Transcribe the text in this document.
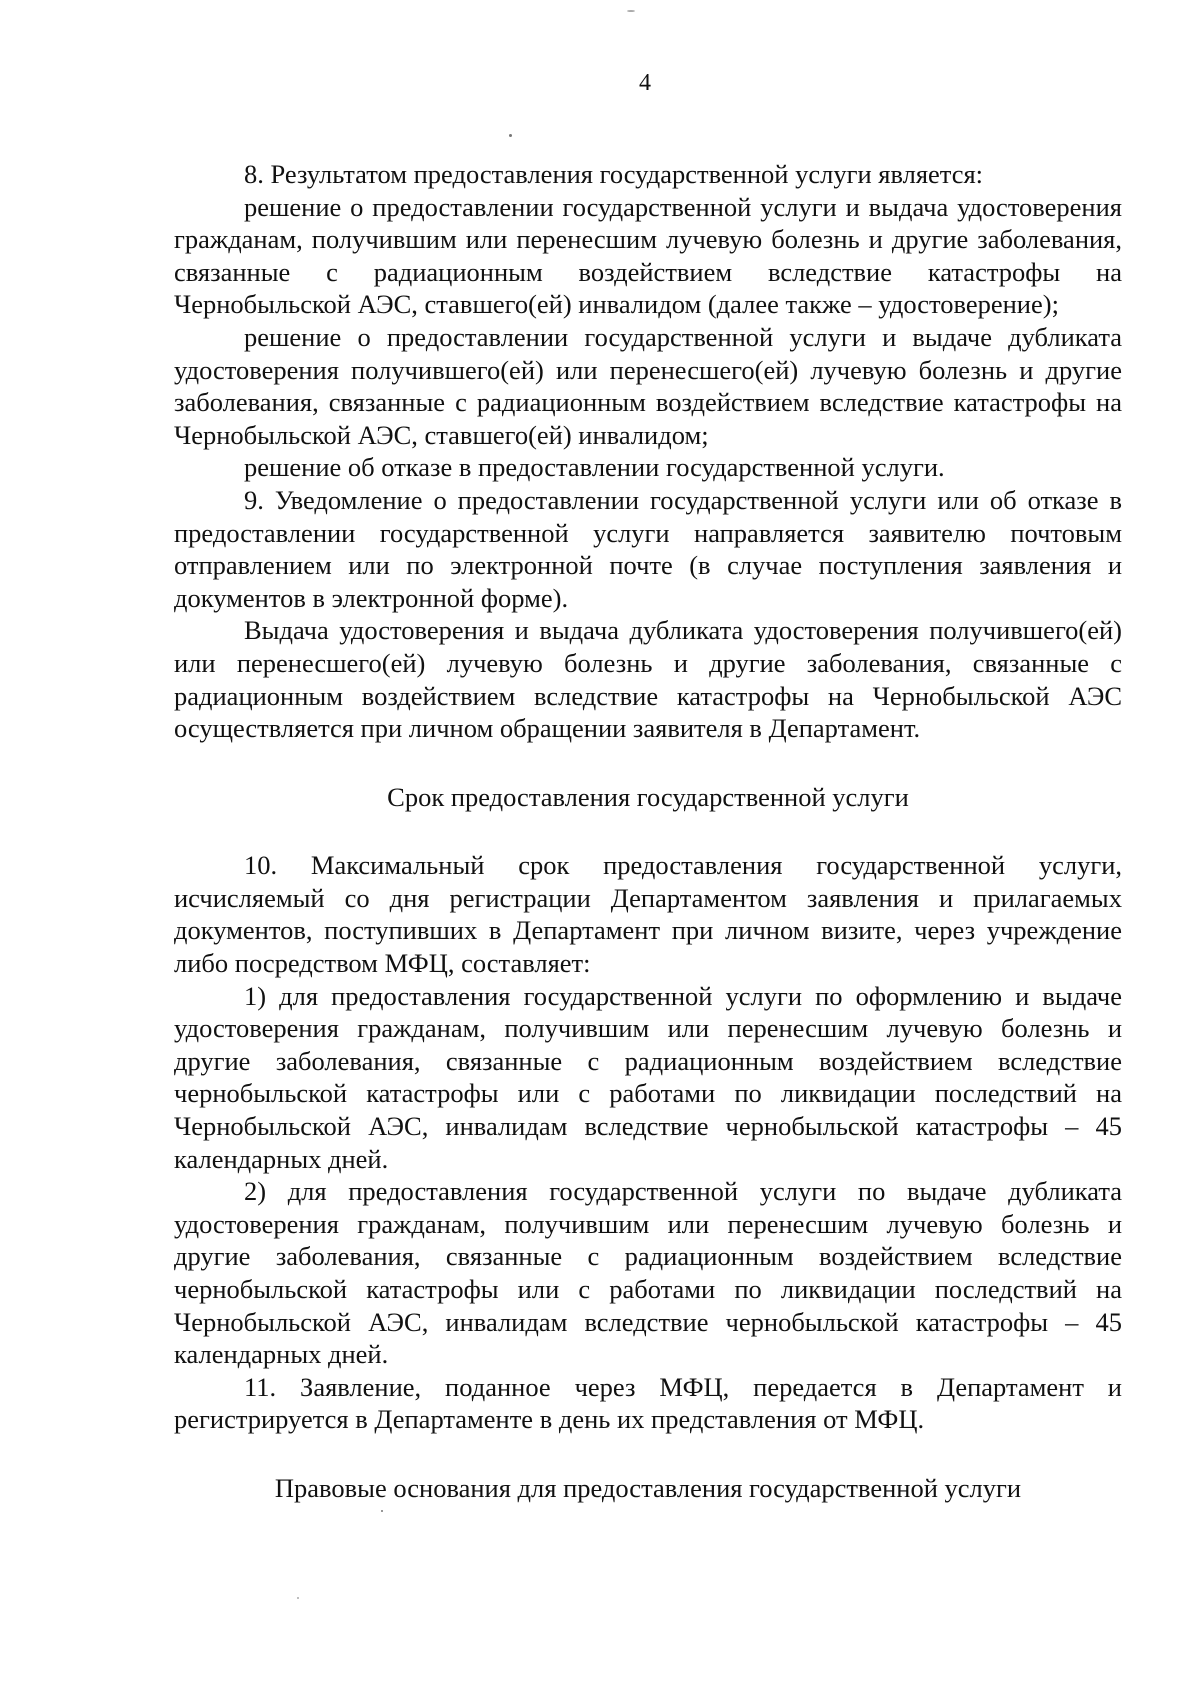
4

8. Результатом предоставления государственной услуги является:

решение о предоставлении государственной услуги и выдача удостоверения гражданам, получившим или перенесшим лучевую болезнь и другие заболевания, связанные с радиационным воздействием вследствие катастрофы на Чернобыльской АЭС, ставшего(ей) инвалидом (далее также – удостоверение);

решение о предоставлении государственной услуги и выдаче дубликата удостоверения получившего(ей) или перенесшего(ей) лучевую болезнь и другие заболевания, связанные с радиационным воздействием вследствие катастрофы на Чернобыльской АЭС, ставшего(ей) инвалидом;

решение об отказе в предоставлении государственной услуги.

9. Уведомление о предоставлении государственной услуги или об отказе в предоставлении государственной услуги направляется заявителю почтовым отправлением или по электронной почте (в случае поступления заявления и документов в электронной форме).

Выдача удостоверения и выдача дубликата удостоверения получившего(ей) или перенесшего(ей) лучевую болезнь и другие заболевания, связанные с радиационным воздействием вследствие катастрофы на Чернобыльской АЭС осуществляется при личном обращении заявителя в Департамент.

Срок предоставления государственной услуги

10. Максимальный срок предоставления государственной услуги, исчисляемый со дня регистрации Департаментом заявления и прилагаемых документов, поступивших в Департамент при личном визите, через учреждение либо посредством МФЦ, составляет:

1) для предоставления государственной услуги по оформлению и выдаче удостоверения гражданам, получившим или перенесшим лучевую болезнь и другие заболевания, связанные с радиационным воздействием вследствие чернобыльской катастрофы или с работами по ликвидации последствий на Чернобыльской АЭС, инвалидам вследствие чернобыльской катастрофы – 45 календарных дней.

2) для предоставления государственной услуги по выдаче дубликата удостоверения гражданам, получившим или перенесшим лучевую болезнь и другие заболевания, связанные с радиационным воздействием вследствие чернобыльской катастрофы или с работами по ликвидации последствий на Чернобыльской АЭС, инвалидам вследствие чернобыльской катастрофы – 45 календарных дней.

11. Заявление, поданное через МФЦ, передается в Департамент и регистрируется в Департаменте в день их представления от МФЦ.

Правовые основания для предоставления государственной услуги
